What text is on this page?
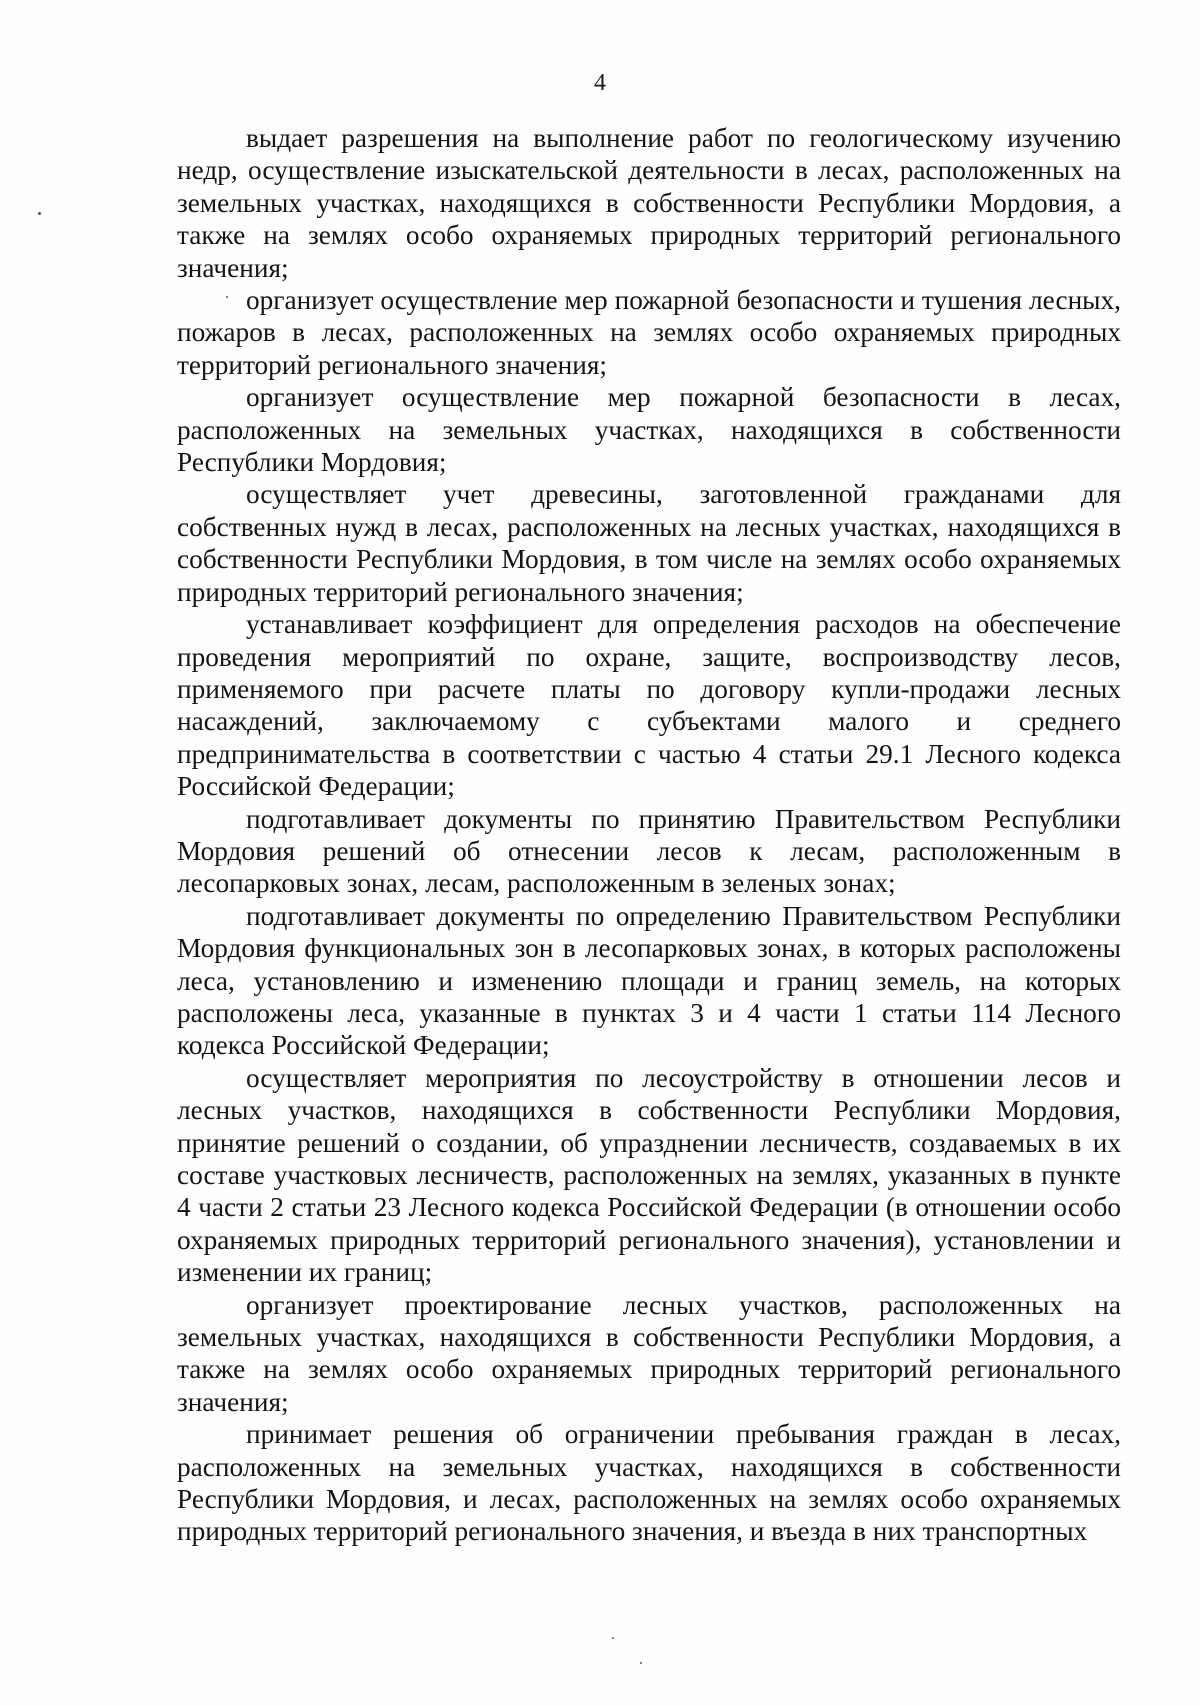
4

выдает разрешения на выполнение работ по геологическому изучению недр, осуществление изыскательской деятельности в лесах, расположенных на земельных участках, находящихся в собственности Республики Мордовия, а также на землях особо охраняемых природных территорий регионального значения;

организует осуществление мер пожарной безопасности и тушения лесных, пожаров в лесах, расположенных на землях особо охраняемых природных территорий регионального значения;

организует осуществление мер пожарной безопасности в лесах, расположенных на земельных участках, находящихся в собственности Республики Мордовия;

осуществляет учет древесины, заготовленной гражданами для собственных нужд в лесах, расположенных на лесных участках, находящихся в собственности Республики Мордовия, в том числе на землях особо охраняемых природных территорий регионального значения;

устанавливает коэффициент для определения расходов на обеспечение проведения мероприятий по охране, защите, воспроизводству лесов, применяемого при расчете платы по договору купли-продажи лесных насаждений, заключаемому с субъектами малого и среднего предпринимательства в соответствии с частью 4 статьи 29.1 Лесного кодекса Российской Федерации;

подготавливает документы по принятию Правительством Республики Мордовия решений об отнесении лесов к лесам, расположенным в лесопарковых зонах, лесам, расположенным в зеленых зонах;

подготавливает документы по определению Правительством Республики Мордовия функциональных зон в лесопарковых зонах, в которых расположены леса, установлению и изменению площади и границ земель, на которых расположены леса, указанные в пунктах 3 и 4 части 1 статьи 114 Лесного кодекса Российской Федерации;

осуществляет мероприятия по лесоустройству в отношении лесов и лесных участков, находящихся в собственности Республики Мордовия, принятие решений о создании, об упразднении лесничеств, создаваемых в их составе участковых лесничеств, расположенных на землях, указанных в пункте 4 части 2 статьи 23 Лесного кодекса Российской Федерации (в отношении особо охраняемых природных территорий регионального значения), установлении и изменении их границ;

организует проектирование лесных участков, расположенных на земельных участках, находящихся в собственности Республики Мордовия, а также на землях особо охраняемых природных территорий регионального значения;

принимает решения об ограничении пребывания граждан в лесах, расположенных на земельных участках, находящихся в собственности Республики Мордовия, и лесах, расположенных на землях особо охраняемых природных территорий регионального значения, и въезда в них транспортных
